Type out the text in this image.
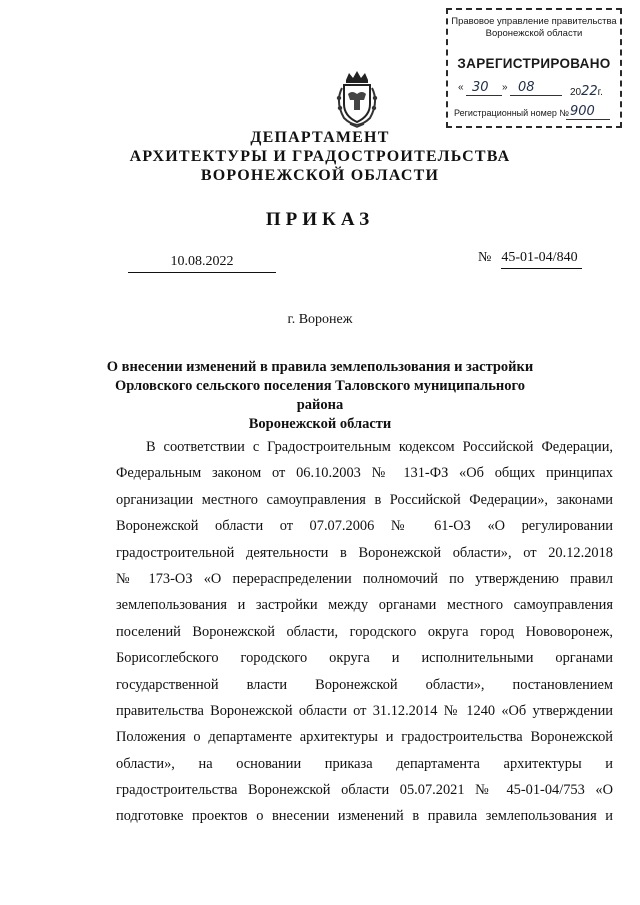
Правовое управление правительства
Воронежской области
ЗАРЕГИСТРИРОВАНО
« 30 » 08	2022г.
Регистрационный номер № 900
ДЕПАРТАМЕНТ
АРХИТЕКТУРЫ И ГРАДОСТРОИТЕЛЬСТВА
ВОРОНЕЖСКОЙ ОБЛАСТИ
ПРИКАЗ
10.08.2022	№ 45-01-04/840
г. Воронеж
О внесении изменений в правила землепользования и застройки
Орловского сельского поселения Таловского муниципального района
Воронежской области
В соответствии с Градостроительным кодексом Российской Федерации,
Федеральным законом от 06.10.2003 № 131-ФЗ «Об общих принципах
организации местного самоуправления в Российской Федерации», законами
Воронежской области от 07.07.2006 № 61-ОЗ «О регулировании
градостроительной деятельности в Воронежской области», от 20.12.2018
№ 173-ОЗ «О перераспределении полномочий по утверждению правил
землепользования и застройки между органами местного самоуправления
поселений Воронежской области, городского округа город Нововоронеж,
Борисоглебского городского округа и исполнительными органами
государственной власти Воронежской области», постановлением
правительства Воронежской области от 31.12.2014 № 1240 «Об утверждении
Положения о департаменте архитектуры и градостроительства Воронежской
области», на основании приказа департамента архитектуры и
градостроительства Воронежской области 05.07.2021 № 45-01-04/753 «О
подготовке проектов о внесении изменений в правила землепользования и
